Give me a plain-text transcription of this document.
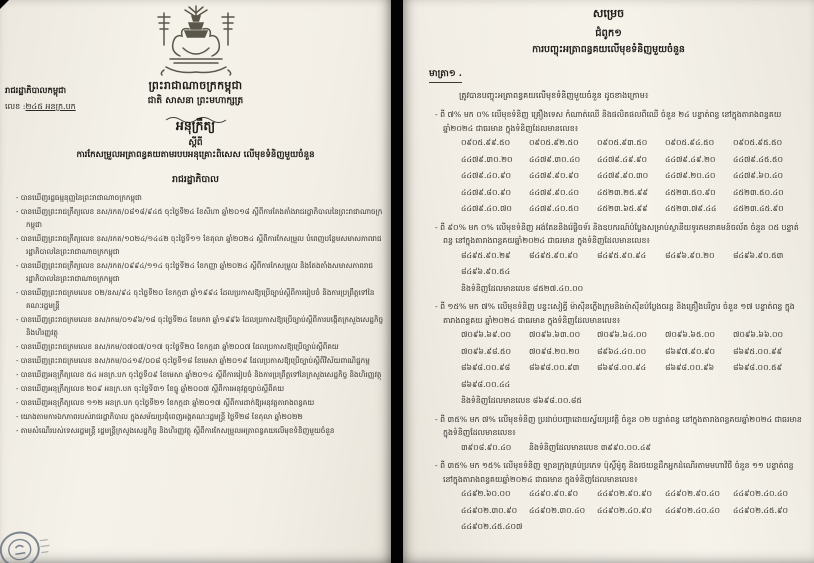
ព្រះរាជាណាចក្រកម្ពុជា
ជាតិ សាសនា ព្រះមហាក្សត្រ
រាជរដ្ឋាភិបាលកម្ពុជា
លេខ :២៤៥ អនក្រ.បក
អនុក្រឹត្យ
ស្តីពី
ការកែសម្រួលអត្រាពន្ធគយតាមរបបអនុគ្រោះពិសេស លើមុខទំនិញមួយចំនួន
រាជរដ្ឋាភិបាល
- បានឃើញរដ្ឋធម្មនុញ្ញនៃព្រះរាជាណាចក្រកម្ពុជា
- បានឃើញព្រះរាជក្រឹត្យលេខ នស/រកត/០៨១៨/៩៤៥ ចុះថ្ងៃទី២៤ ខែសីហា ឆ្នាំ២០១៨ ស្តីពីការតែងតាំងរាជរដ្ឋាភិបាលនៃព្រះរាជាណាចក្រកម្ពុជា
- បានឃើញព្រះរាជក្រឹត្យលេខ នស/រកត/១០២៤/១៤៤២ ចុះថ្ងៃទី១១ ខែតុលា ឆ្នាំ២០២៤ ស្តីពីការកែសម្រួល បំពេញបន្ថែមសមាសភាពរាជរដ្ឋាភិបាលនៃព្រះរាជាណាចក្រកម្ពុជា
- បានឃើញព្រះរាជក្រឹត្យលេខ នស/រកត/០៩៩៤/១១៤ ចុះថ្ងៃទី២៤ ខែកញ្ញា ឆ្នាំ២០២៤ ស្តីពីការកែសម្រួល និងតែងតាំងសមាសភាពរាជរដ្ឋាភិបាលនៃព្រះរាជាណាចក្រកម្ពុជា
- បានឃើញព្រះរាជក្រមលេខ ០២/នស/៩៤ ចុះថ្ងៃទី២០ ខែកក្កដា ឆ្នាំ១៩៩៤ ដែលប្រកាសឱ្យប្រើច្បាប់ស្តីពីការរៀបចំ និងការប្រព្រឹត្តទៅនៃគណៈរដ្ឋមន្ត្រី
- បានឃើញព្រះរាជក្រមលេខ នស/រកម/០១៩៦/១៨ ចុះថ្ងៃទី២៤ ខែមករា ឆ្នាំ១៩៩៦ ដែលប្រកាសឱ្យប្រើច្បាប់ស្តីពីការបង្កើតក្រសួងសេដ្ឋកិច្ច និងហិរញ្ញវត្ថុ
- បានឃើញព្រះរាជក្រមលេខ នស/រកម/០៧០៧/០១៧ ចុះថ្ងៃទី២០ ខែកក្កដា ឆ្នាំ២០០៧ ដែលប្រកាសឱ្យប្រើច្បាប់ស្តីពីគយ
- បានឃើញព្រះរាជក្រមលេខ នស/រកម/០៤១៩/០០៨ ចុះថ្ងៃទី១៨ ខែមេសា ឆ្នាំ២០១៩ ដែលប្រកាសឱ្យប្រើច្បាប់ស្តីពីវិស័យពាណិជ្ជកម្ម
- បានឃើញអនុក្រឹត្យលេខ ៥៤ អនក្រ.បក ចុះថ្ងៃទី០៩ ខែមេសា ឆ្នាំ២០១៤ ស្តីពីការរៀបចំ និងការប្រព្រឹត្តទៅនៃក្រសួងសេដ្ឋកិច្ច និងហិរញ្ញវត្ថុ
- បានឃើញអនុក្រឹត្យលេខ ២០៩ អនក្រ.បក ចុះថ្ងៃទី៣១ ខែធ្នូ ឆ្នាំ២០០៧ ស្តីពីការអនុវត្តច្បាប់ស្តីពីគយ
- បានឃើញអនុក្រឹត្យលេខ ១១២ អនក្រ.បក ចុះថ្ងៃទី២១ ខែកក្កដា ឆ្នាំ២០១៧ ស្តីពីការដាក់ឱ្យអនុវត្តតារាងពន្ធគយ
- យោងតាមការឯកភាពរបស់រាជរដ្ឋាភិបាល ក្នុងសម័យប្រជុំពេញអង្គគណៈរដ្ឋមន្ត្រី ថ្ងៃទី២៨ ខែតុលា ឆ្នាំ២០២២
- តាមសំណើរបស់ទេសរដ្ឋមន្ត្រី រដ្ឋមន្ត្រីក្រសួងសេដ្ឋកិច្ច និងហិរញ្ញវត្ថុ ស្តីពីការកែសម្រួលអត្រាពន្ធគយលើមុខទំនិញមួយចំនួន
សម្រេច
ជំពូក១
ការបញ្ចុះអត្រាពន្ធគយលើមុខទំនិញមួយចំនួន
មាត្រា១ .
ត្រូវបានបញ្ចុះអត្រាពន្ធគយលើមុខទំនិញមួយចំនួន ដូចខាងក្រោម៖
- ពី ៧% មក ០% លើមុខទំនិញ គ្រឿងទេស កំណាត់ឈើ និងផលិតផលពីឈើ ចំនួន ២៤ បន្ទាត់ពន្ធ នៅក្នុងតារាងពន្ធគយឆ្នាំ២០២៤ ជាធរមាន ក្នុងទំនិញដែលមានលេខ៖
០៩០៥.៩៩.៥០	០៩០៥.៩២.៥០	០៩០៥.៩៣.៥០	០៩០៥.៩៤.៥០	០៩០៥.៩៥.៥០
៤៤៧៩.៣០.២០	៤៤៧៩.៣០.៤០	៤៤៧៩.៤៩.៩០	៤៤៧៩.៤៩.២០	៤៤៧៩.៤៥.៥០
៤៤៧៩.៤០.៩០	៤៤៧៩.៩០.៩០	៤៤៧៩.៩០.៣០	៤៤៧៩.២០.៤០	៤៤៧៩.៦០.៤០
៤៤៧៩.៨០.៩០	៤៤៧៩.៩០.៤០	៤៥២៣.២៥.៩៩	៤៥២៣.៥០.៩០	៤៥២៣.៥០.៤០
៤៤៧៩.៤០.៧០	៤៤៧៩.៤០.៥០	៤៥២៣.៦៥.៩៩	៤៥២៣.៧៩.៤៤	៤៥២៣.៤៥.៩០
- ពី ៩០% មក ០% លើមុខទំនិញ អង់តែននិងរ៉េផ្លិចទ័រ និងឧបករណ៍បំប្លែងសម្រាប់ស្ថានីយទូរគមនាគមន៍ចល័ត ចំនួន ០៥ បន្ទាត់ពន្ធ នៅក្នុងតារាងពន្ធគយឆ្នាំ២០២៤ ជាធរមាន ក្នុងទំនិញដែលមានលេខ៖
៨៤៩៥.៩០.២៩	៨៤៩៥.៩០.៩០	៨៤៩៥.៩០.៩៤	៨៤៩៦.៩០.២០	៨៤៩៦.៩០.៥៣
៨៤៩៦.៩០.៥៤
និងទំនិញដែលមានលេខ ៨៥២៧.៤០.០០
- ពី ១៥% មក ៧% លើមុខទំនិញ បន្ទះសៀគ្វី ម៉ាស៊ីនភ្លើងក្រុមនិងម៉ាស៊ីនបំប្លែងចរន្ត និងគ្រឿងបរិក្ខារ ចំនួន ១៧ បន្ទាត់ពន្ធ ក្នុងតារាងពន្ធគយ ឆ្នាំ២០២៤ ជាធរមាន ក្នុងទំនិញដែលមានលេខ៖
៧០៩៦.៦៩.០០	៧០៩៦.៦៣.០០	៧០៩៦.៦៤.០០	៧០៩៦.៦៥.០០	៧០៩៦.៦៦.០០
៧០៩៦.៩៨.៥០	៧០៩៨.២០.២០	៨៩៦៤.៤០.០០	៨៦៩៧.៩០.៩០	៨៦៩៥.០០.៩៩
៨៦៩៨.០០.៩៨	៨៦៩៨.០០.៩៣	៨៦៩៨.០០.៩៤	៨៦៩៨.០០.៩៦	៨៦៩៨.០០.៥៩
៨៦៩៨.០០.៤៤
និងទំនិញដែលមានលេខ ៨៦៩៨.០០.៨៥
- ពី ៣៥% មក ៧% លើមុខទំនិញ ប្រដាប់បញ្ជាដោយស្វ័យប្រវត្តិ ចំនួន ០២ បន្ទាត់ពន្ធ នៅក្នុងតារាងពន្ធគយឆ្នាំ២០២៤ ជាធរមាន ក្នុងទំនិញដែលមានលេខ៖
៣៩០៨.៩០.៤០	និងទំនិញដែលមានលេខ ៣៩៩០.០០.៤៩
- ពី ៣៥% មក ១៥% លើមុខទំនិញ ឡានក្រុងគ្រប់ប្រភេទ ប៉ុស្តិ៍ម៉ូតូ និងរថយន្តដឹកអ្នកដំណើរតាមមហាវិថី ចំនួន ១១ បន្ទាត់ពន្ធ នៅក្នុងតារាងពន្ធគយឆ្នាំ២០២៤ ជាធរមាន ក្នុងទំនិញដែលមានលេខ៖
៤៤៩២.៦០.០០	៤៤៩០.៩០.៩០	៤៤៩០២.៩០.៩០	៤៤៩០២.៩០.៤០	៤៤៩០២.៤០.៤០
៤៤៩០២.៣០.៩០	៤៤៩០២.៣០.៤០	៤៤៩០២.៤០.៩០	៤៤៩០២.៤០.៤០	៤៤៩០២.៤៥.៩០
៤៤៩០២.៤៥.៤០៧
